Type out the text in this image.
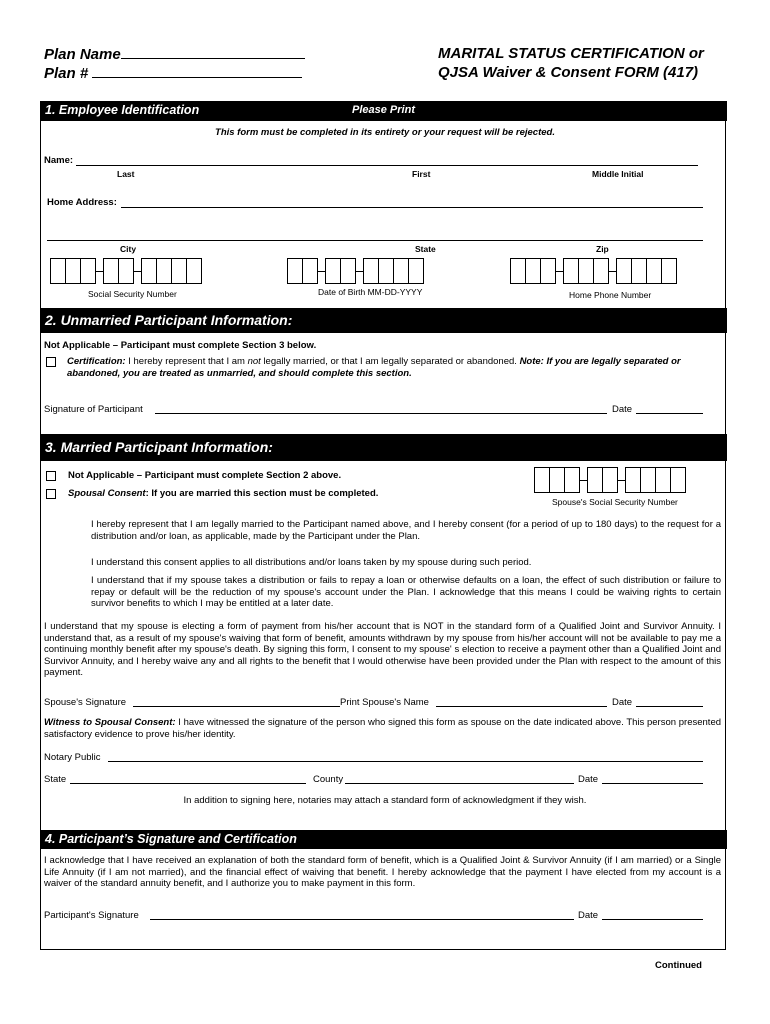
Plan Name
Plan #
MARITAL STATUS CERTIFICATION or
QJSA Waiver & Consent FORM (417)
1. Employee Identification	Please Print
This form must be completed in its entirety or your request will be rejected.
Name:
Last	First	Middle Initial
Home Address:
City	State	Zip
Social Security Number	Date of Birth MM-DD-YYYY	Home Phone Number
2. Unmarried Participant Information:
Not Applicable – Participant must complete Section 3 below.
Certification: I hereby represent that I am not legally married, or that I am legally separated or abandoned. Note: If you are legally separated or
abandoned, you are treated as unmarried, and should complete this section.
Signature of Participant	Date
3. Married Participant Information:
Not Applicable – Participant must complete Section 2 above.
Spousal Consent: If you are married this section must be completed.
Spouse's Social Security Number
I hereby represent that I am legally married to the Participant named above, and I hereby consent (for a period of up to 180 days) to the request for a distribution and/or loan, as applicable, made by the Participant under the Plan.
I understand this consent applies to all distributions and/or loans taken by my spouse during such period.
I understand that if my spouse takes a distribution or fails to repay a loan or otherwise defaults on a loan, the effect of such distribution or failure to repay or default will be the reduction of my spouse's account under the Plan. I acknowledge that this means I could be waiving rights to certain survivor benefits to which I may be entitled at a later date.
I understand that my spouse is electing a form of payment from his/her account that is NOT in the standard form of a Qualified Joint and Survivor Annuity. I understand that, as a result of my spouse's waiving that form of benefit, amounts withdrawn by my spouse from his/her account will not be available to pay me a continuing monthly benefit after my spouse's death. By signing this form, I consent to my spouse' s election to receive a payment other than a Qualified Joint and Survivor Annuity, and I hereby waive any and all rights to the benefit that I would otherwise have been provided under the Plan with respect to the amount of this payment.
Spouse's Signature	Print Spouse's Name	Date
Witness to Spousal Consent: I have witnessed the signature of the person who signed this form as spouse on the date indicated above. This person presented satisfactory evidence to prove his/her identity.
Notary Public
State	County	Date
In addition to signing here, notaries may attach a standard form of acknowledgment if they wish.
4. Participant’s Signature and Certification
I acknowledge that I have received an explanation of both the standard form of benefit, which is a Qualified Joint & Survivor Annuity (if I am married) or a Single Life Annuity (if I am not married), and the financial effect of waiving that benefit. I hereby acknowledge that the payment I have elected from my account is a waiver of the standard annuity benefit, and I authorize you to make payment in this form.
Participant's Signature	Date
Continued
